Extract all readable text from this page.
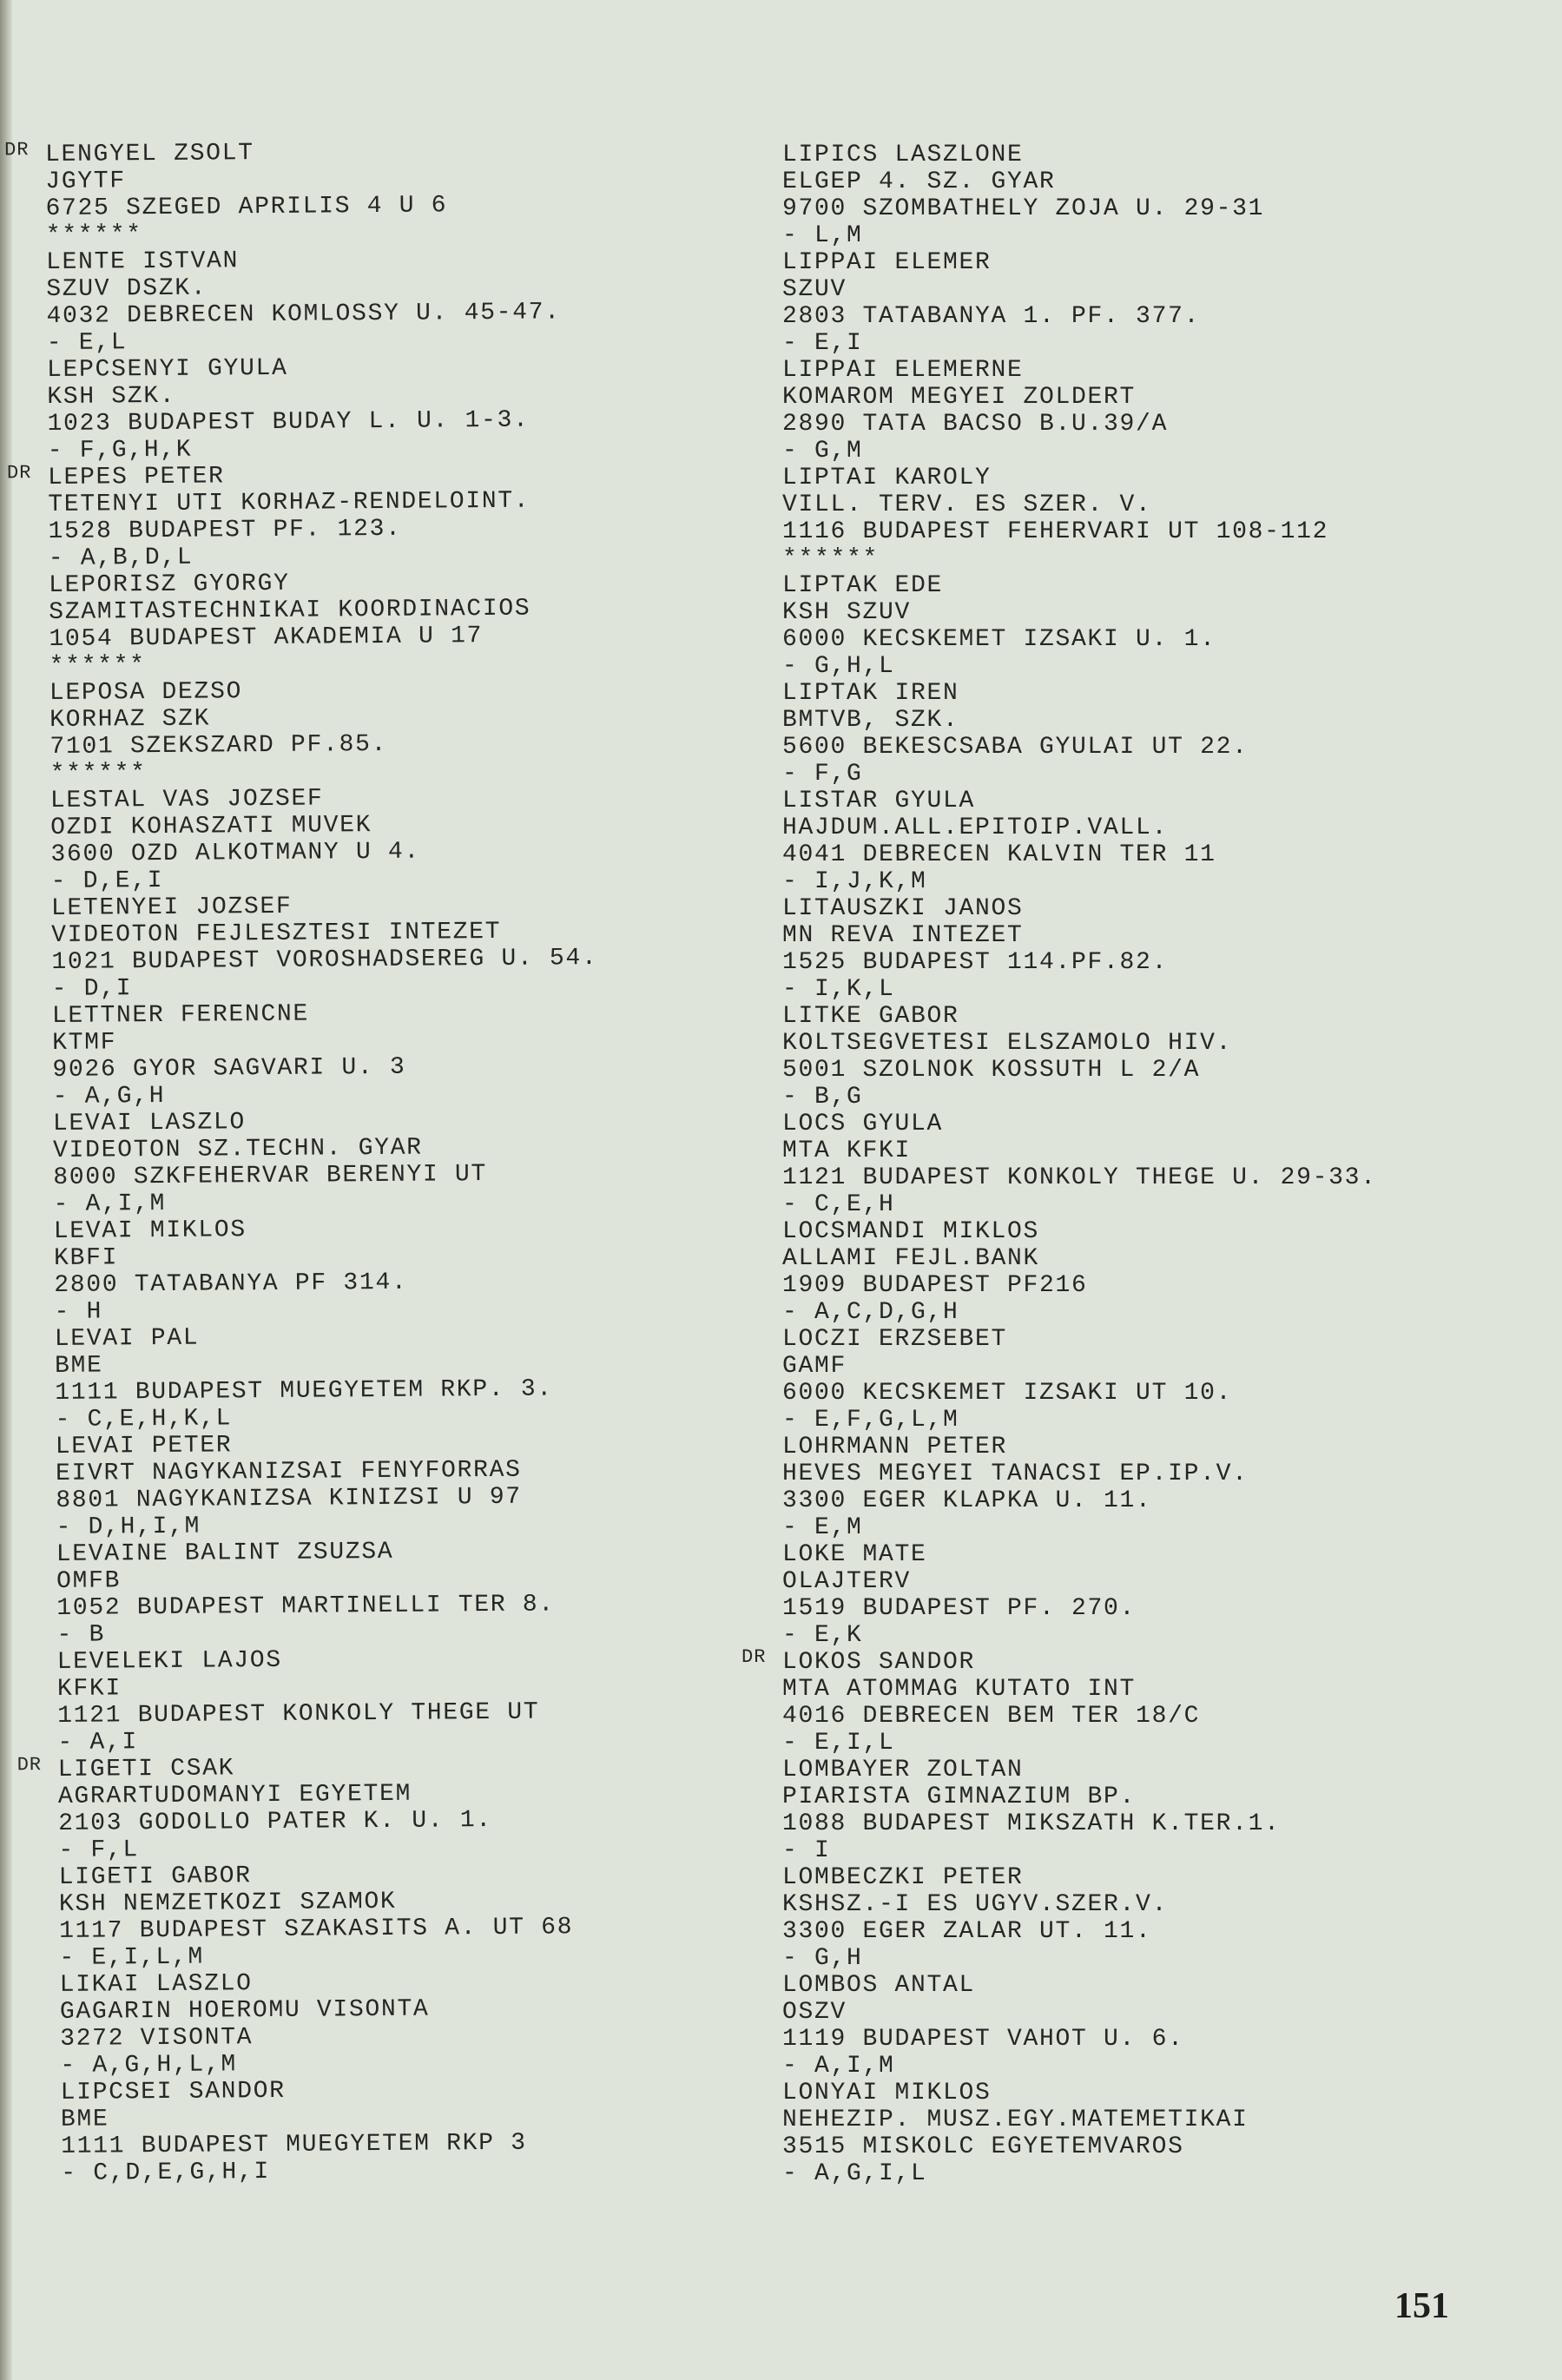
DR LENGYEL ZSOLT
JGYTF
6725 SZEGED APRILIS 4 U 6
******
LENTE ISTVAN
SZUV DSZK.
4032 DEBRECEN KOMLOSSY U. 45-47.
- E,L
LEPCSENYI GYULA
KSH SZK.
1023 BUDAPEST BUDAY L. U. 1-3.
- F,G,H,K
DR LEPES PETER
TETENYI UTI KORHAZ-RENDELOINT.
1528 BUDAPEST PF. 123.
- A,B,D,L
LEPORISZ GYORGY
SZAMITASTECHNIKAI KOORDINACIOS
1054 BUDAPEST AKADEMIA U 17
******
LEPOSA DEZSO
KORHAZ SZK
7101 SZEKSZARD PF.85.
******
LESTAL VAS JOZSEF
OZDI KOHASZATI MUVEK
3600 OZD ALKOTMANY U 4.
- D,E,I
LETENYEI JOZSEF
VIDEOTON FEJLESZTESI INTEZET
1021 BUDAPEST VOROSHADSEREG U. 54.
- D,I
LETTNER FERENCNE
KTMF
9026 GYOR SAGVARI U. 3
- A,G,H
LEVAI LASZLO
VIDEOTON SZ.TECHN. GYAR
8000 SZKFEHERVAR BERENYI UT
- A,I,M
LEVAI MIKLOS
KBFI
2800 TATABANYA PF 314.
- H
LEVAI PAL
BME
1111 BUDAPEST MUEGYETEM RKP. 3.
- C,E,H,K,L
LEVAI PETER
EIVRT NAGYKANIZSAI FENYFORRAS
8801 NAGYKANIZSA KINIZSI U 97
- D,H,I,M
LEVAINE BALINT ZSUZSA
OMFB
1052 BUDAPEST MARTINELLI TER 8.
- B
LEVELEKI LAJOS
KFKI
1121 BUDAPEST KONKOLY THEGE UT
- A,I
DR LIGETI CSAK
AGRARTUDOMANYI EGYETEM
2103 GODOLLO PATER K. U. 1.
- F,L
LIGETI GABOR
KSH NEMZETKOZI SZAMOK
1117 BUDAPEST SZAKASITS A. UT 68
- E,I,L,M
LIKAI LASZLO
GAGARIN HOEROMU VISONTA
3272 VISONTA
- A,G,H,L,M
LIPCSEI SANDOR
BME
1111 BUDAPEST MUEGYETEM RKP 3
- C,D,E,G,H,I
LIPICS LASZLONE
ELGEP 4. SZ. GYAR
9700 SZOMBATHELY ZOJA U. 29-31
- L,M
LIPPAI ELEMER
SZUV
2803 TATABANYA 1. PF. 377.
- E,I
LIPPAI ELEMERNE
KOMAROM MEGYEI ZOLDERT
2890 TATA BACSO B.U.39/A
- G,M
LIPTAI KAROLY
VILL. TERV. ES SZER. V.
1116 BUDAPEST FEHERVARI UT 108-112
******
LIPTAK EDE
KSH SZUV
6000 KECSKEMET IZSAKI U. 1.
- G,H,L
LIPTAK IREN
BMTVB, SZK.
5600 BEKESCSABA GYULAI UT 22.
- F,G
LISTAR GYULA
HAJDUM.ALL.EPITOIP.VALL.
4041 DEBRECEN KALVIN TER 11
- I,J,K,M
LITAUSZKI JANOS
MN REVA INTEZET
1525 BUDAPEST 114.PF.82.
- I,K,L
LITKE GABOR
KOLTSEGVETESI ELSZAMOLO HIV.
5001 SZOLNOK KOSSUTH L 2/A
- B,G
LOCS GYULA
MTA KFKI
1121 BUDAPEST KONKOLY THEGE U. 29-33.
- C,E,H
LOCSMANDI MIKLOS
ALLAMI FEJL.BANK
1909 BUDAPEST PF216
- A,C,D,G,H
LOCZI ERZSEBET
GAMF
6000 KECSKEMET IZSAKI UT 10.
- E,F,G,L,M
LOHRMANN PETER
HEVES MEGYEI TANACSI EP.IP.V.
3300 EGER KLAPKA U. 11.
- E,M
LOKE MATE
OLAJTERV
1519 BUDAPEST PF. 270.
- E,K
DR LOKOS SANDOR
MTA ATOMMAG KUTATO INT
4016 DEBRECEN BEM TER 18/C
- E,I,L
LOMBAYER ZOLTAN
PIARISTA GIMNAZIUM BP.
1088 BUDAPEST MIKSZATH K.TER.1.
- I
LOMBECZKI PETER
KSHSZ.-I ES UGYV.SZER.V.
3300 EGER ZALAR UT. 11.
- G,H
LOMBOS ANTAL
OSZV
1119 BUDAPEST VAHOT U. 6.
- A,I,M
LONYAI MIKLOS
NEHEZIP. MUSZ.EGY.MATEMETIKAI
3515 MISKOLC EGYETEMVAROS
- A,G,I,L
151
